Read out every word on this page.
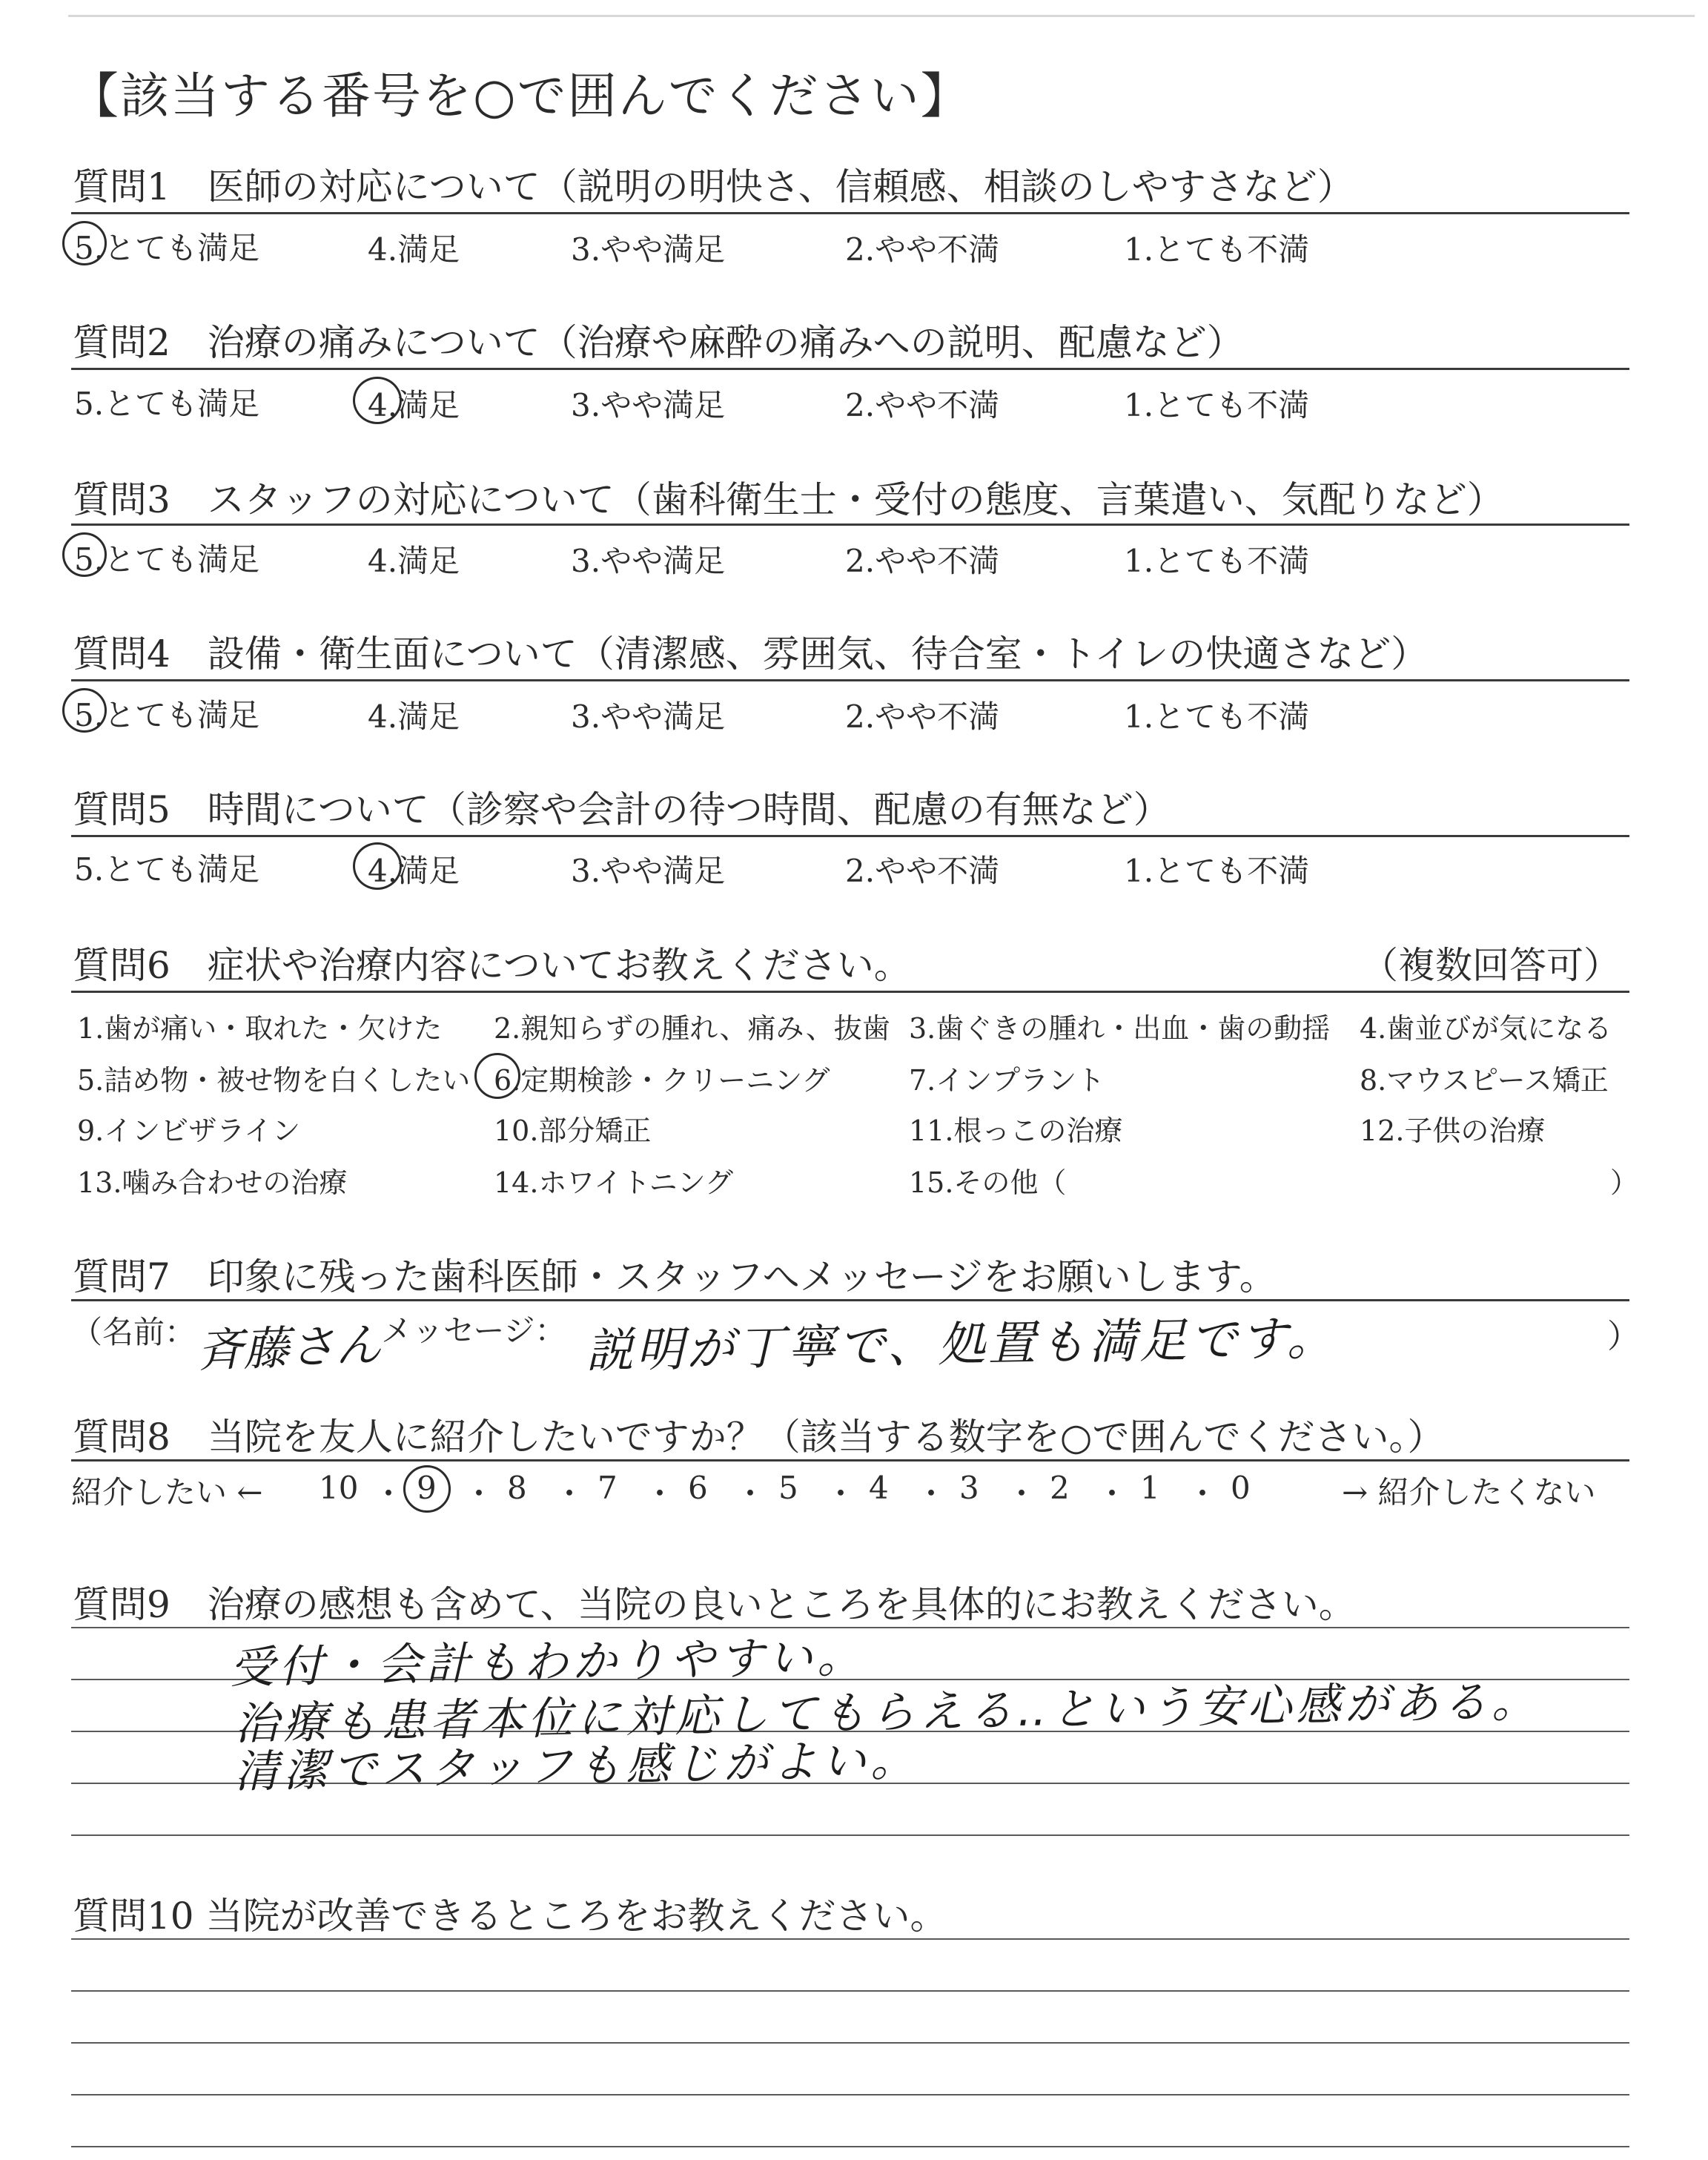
【該当する番号を○で囲んでください】
質問1　医師の対応について（説明の明快さ、信頼感、相談のしやすさなど）
5.とても満足	4.満足	3.やや満足	2.やや不満	1.とても不満
質問2　治療の痛みについて（治療や麻酔の痛みへの説明、配慮など）
5.とても満足	4.満足	3.やや満足	2.やや不満	1.とても不満
質問3　スタッフの対応について（歯科衛生士・受付の態度、言葉遣い、気配りなど）
5.とても満足	4.満足	3.やや満足	2.やや不満	1.とても不満
質問4　設備・衛生面について（清潔感、雰囲気、待合室・トイレの快適さなど）
5.とても満足	4.満足	3.やや満足	2.やや不満	1.とても不満
質問5　時間について（診察や会計の待つ時間、配慮の有無など）
5.とても満足	4.満足	3.やや満足	2.やや不満	1.とても不満
質問6　症状や治療内容についてお教えください。	（複数回答可）
1.歯が痛い・取れた・欠けた 2.親知らずの腫れ、痛み、抜歯 3.歯ぐきの腫れ・出血・歯の動揺 4.歯並びが気になる
5.詰め物・被せ物を白くしたい 6.定期検診・クリーニング	7.インプラント	8.マウスピース矯正
9.インビザライン	10.部分矯正	11.根っこの治療	12.子供の治療
13.噛み合わせの治療	14.ホワイトニング	15.その他（	）
質問7　印象に残った歯科医師・スタッフへメッセージをお願いします。
（名前： 斉藤さん
メッセージ： 説明が丁寧で、処置も満足です。	）
質問8　当院を友人に紹介したいですか？（該当する数字を○で囲んでください。）
紹介したい ←	→ 紹介したくない
10 ・ 9 ・ 8 ・ 7 ・ 6 ・ 5 ・ 4 ・ 3 ・ 2 ・ 1 ・ 0
質問9　治療の感想も含めて、当院の良いところを具体的にお教えください。
受付・会計もわかりやすい。
治療も患者本位に対応してもらえる‥という安心感がある。
清潔でスタッフも感じがよい。
質問10 当院が改善できるところをお教えください。
